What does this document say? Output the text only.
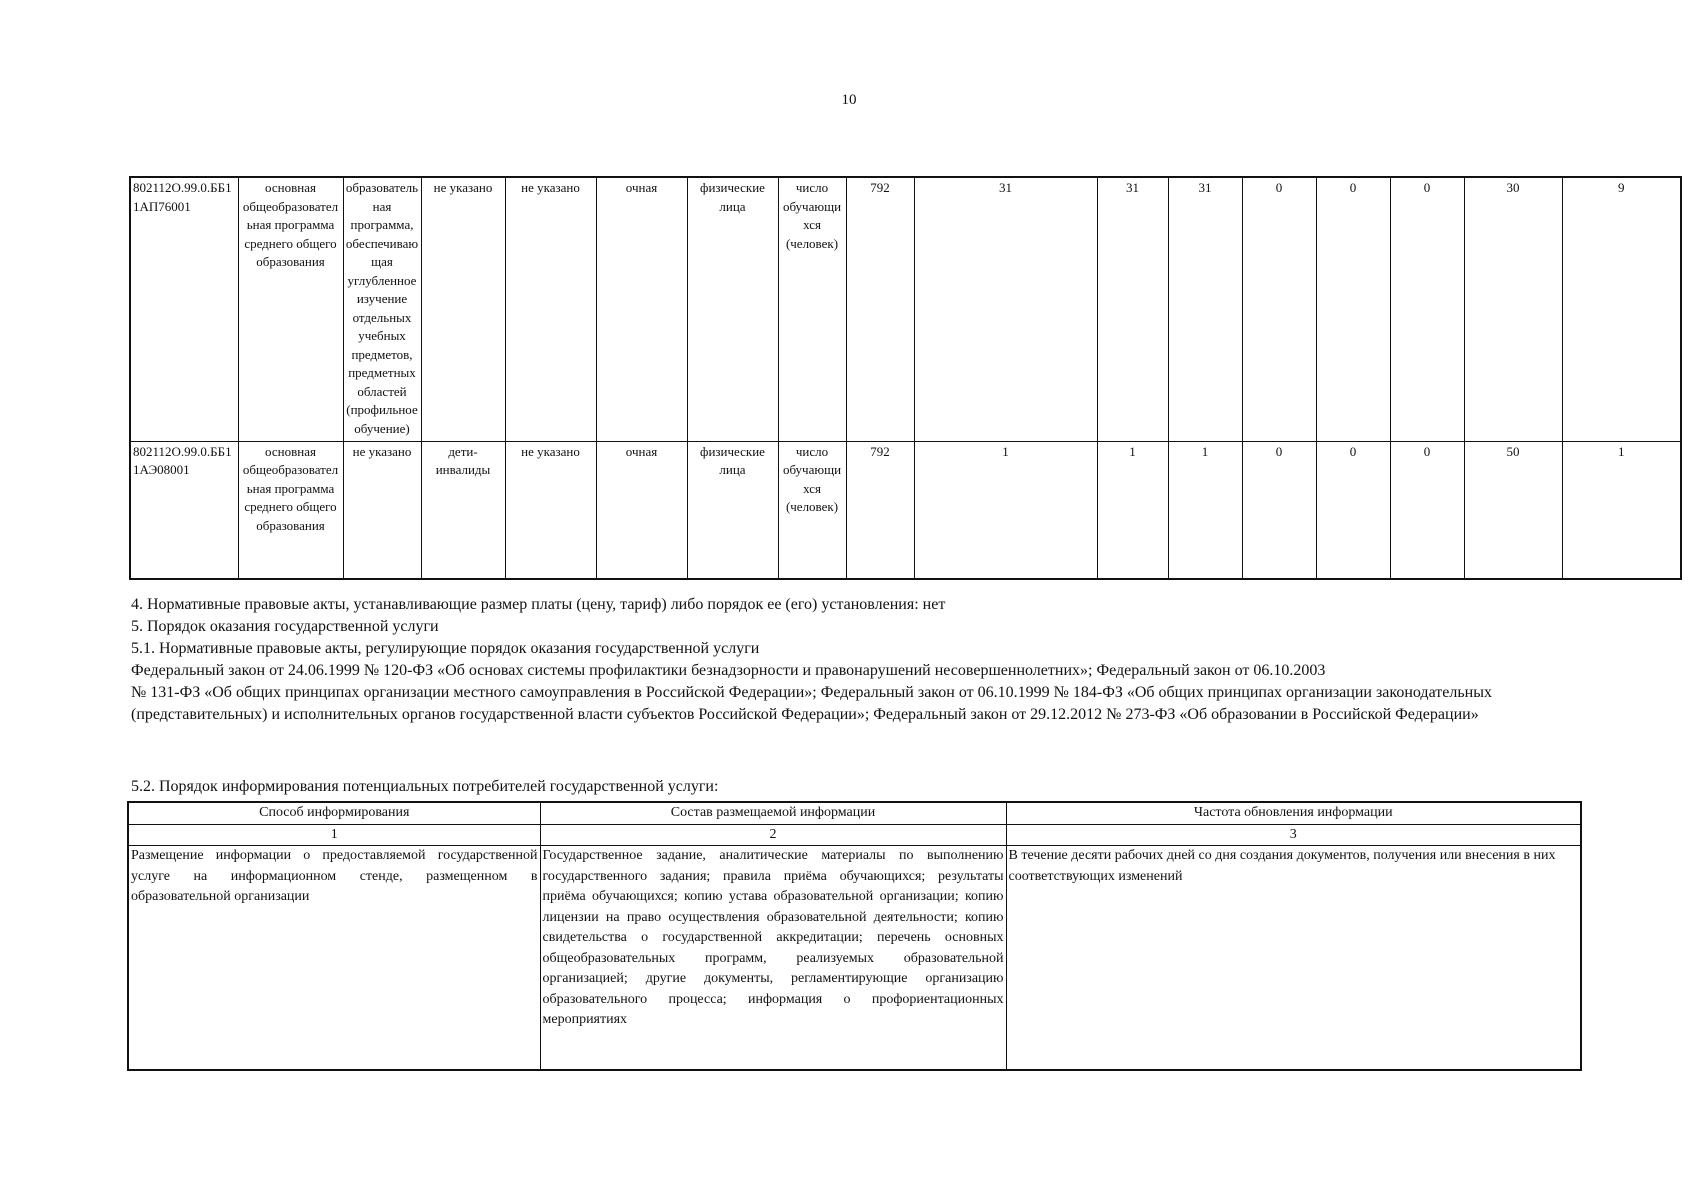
10
802112О.99.0.ББ11АП76001	основная общеобразовательная программа среднего общего образования	образовательная программа, обеспечивающая углубленное изучение отдельных учебных предметов, предметных областей (профильное обучение)	не указано	не указано	очная	физические лица	число обучающихся (человек)	792	31	31	31	0	0	0	30	9
802112О.99.0.ББ11АЭ08001	основная общеобразовательная программа среднего общего образования	не указано	дети-инвалиды	не указано	очная	физические лица	число обучающихся (человек)	792	1	1	1	0	0	0	50	1

4. Нормативные правовые акты, устанавливающие размер платы (цену, тариф) либо порядок ее (его) установления: нет

5. Порядок оказания государственной услуги

5.1. Нормативные правовые акты, регулирующие порядок оказания государственной услуги

Федеральный закон от 24.06.1999 № 120-ФЗ «Об основах системы профилактики безнадзорности и правонарушений несовершеннолетних»; Федеральный закон от 06.10.2003

№ 131-ФЗ «Об общих принципах организации местного самоуправления в Российской Федерации»; Федеральный закон от 06.10.1999 № 184-ФЗ «Об общих принципах организации законодательных (представительных) и исполнительных органов государственной власти субъектов Российской Федерации»; Федеральный закон от 29.12.2012 № 273-ФЗ «Об образовании в Российской Федерации»

5.2. Порядок информирования потенциальных потребителей государственной услуги:
Способ информирования	Состав размещаемой информации	Частота обновления информации
1	2	3
Размещение информации о предоставляемой государственной услуге на информационном стенде, размещенном в образовательной организации	Государственное задание, аналитические материалы по выполнению государственного задания; правила приёма обучающихся; результаты приёма обучающихся; копию устава образовательной организации; копию лицензии на право осуществления образовательной деятельности; копию свидетельства о государственной аккредитации; перечень основных общеобразовательных программ, реализуемых образовательной организацией; другие документы, регламентирующие организацию образовательного процесса; информация о профориентационных мероприятиях	В течение десяти рабочих дней со дня создания документов, получения или внесения в них соответствующих изменений
